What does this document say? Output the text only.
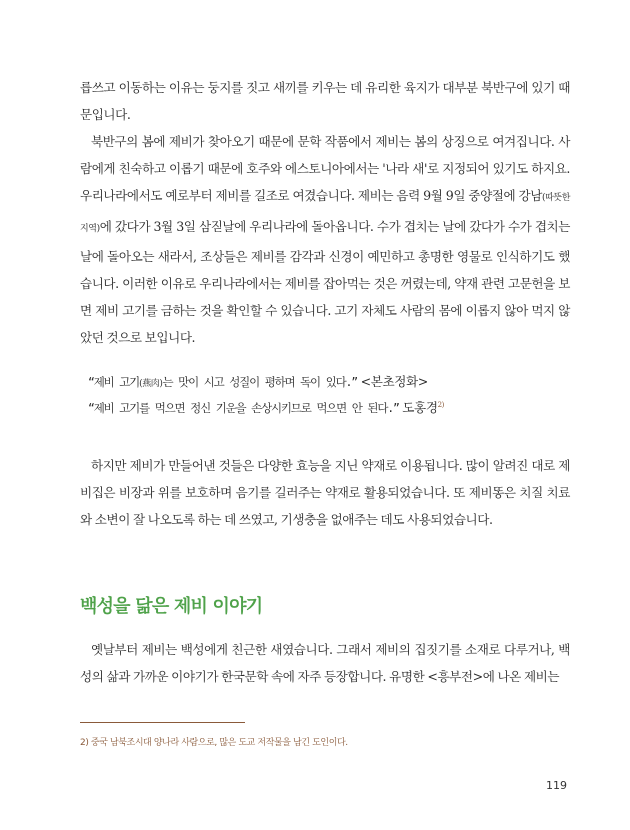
릅쓰고 이동하는 이유는 둥지를 짓고 새끼를 키우는 데 유리한 육지가 대부분 북반구에 있기 때문입니다.

북반구의 봄에 제비가 찾아오기 때문에 문학 작품에서 제비는 봄의 상징으로 여겨집니다. 사람에게 친숙하고 이롭기 때문에 호주와 에스토니아에서는 '나라 새'로 지정되어 있기도 하지요. 우리나라에서도 예로부터 제비를 길조로 여겼습니다. 제비는 음력 9월 9일 중양절에 강남(따뜻한 지역)에 갔다가 3월 3일 삼짇날에 우리나라에 돌아옵니다. 수가 겹치는 날에 갔다가 수가 겹치는 날에 돌아오는 새라서, 조상들은 제비를 감각과 신경이 예민하고 총명한 영물로 인식하기도 했습니다. 이러한 이유로 우리나라에서는 제비를 잡아먹는 것은 꺼렸는데, 약재 관련 고문헌을 보면 제비 고기를 금하는 것을 확인할 수 있습니다. 고기 자체도 사람의 몸에 이롭지 않아 먹지 않았던 것으로 보입니다.

“제비 고기(燕肉)는 맛이 시고 성질이 평하며 독이 있다.” <본초정화>

“제비 고기를 먹으면 정신 기운을 손상시키므로 먹으면 안 된다.” 도홍경$^{2)}$

하지만 제비가 만들어낸 것들은 다양한 효능을 지닌 약재로 이용됩니다. 많이 알려진 대로 제비집은 비장과 위를 보호하며 음기를 길러주는 약재로 활용되었습니다. 또 제비똥은 치질 치료와 소변이 잘 나오도록 하는 데 쓰였고, 기생충을 없애주는 데도 사용되었습니다.

백성을 닮은 제비 이야기

옛날부터 제비는 백성에게 친근한 새였습니다. 그래서 제비의 집짓기를 소재로 다루거나, 백성의 삶과 가까운 이야기가 한국문학 속에 자주 등장합니다. 유명한 <흥부전>에 나온 제비는

2) 중국 남북조시대 양나라 사람으로, 많은 도교 저작물을 남긴 도인이다.

119
